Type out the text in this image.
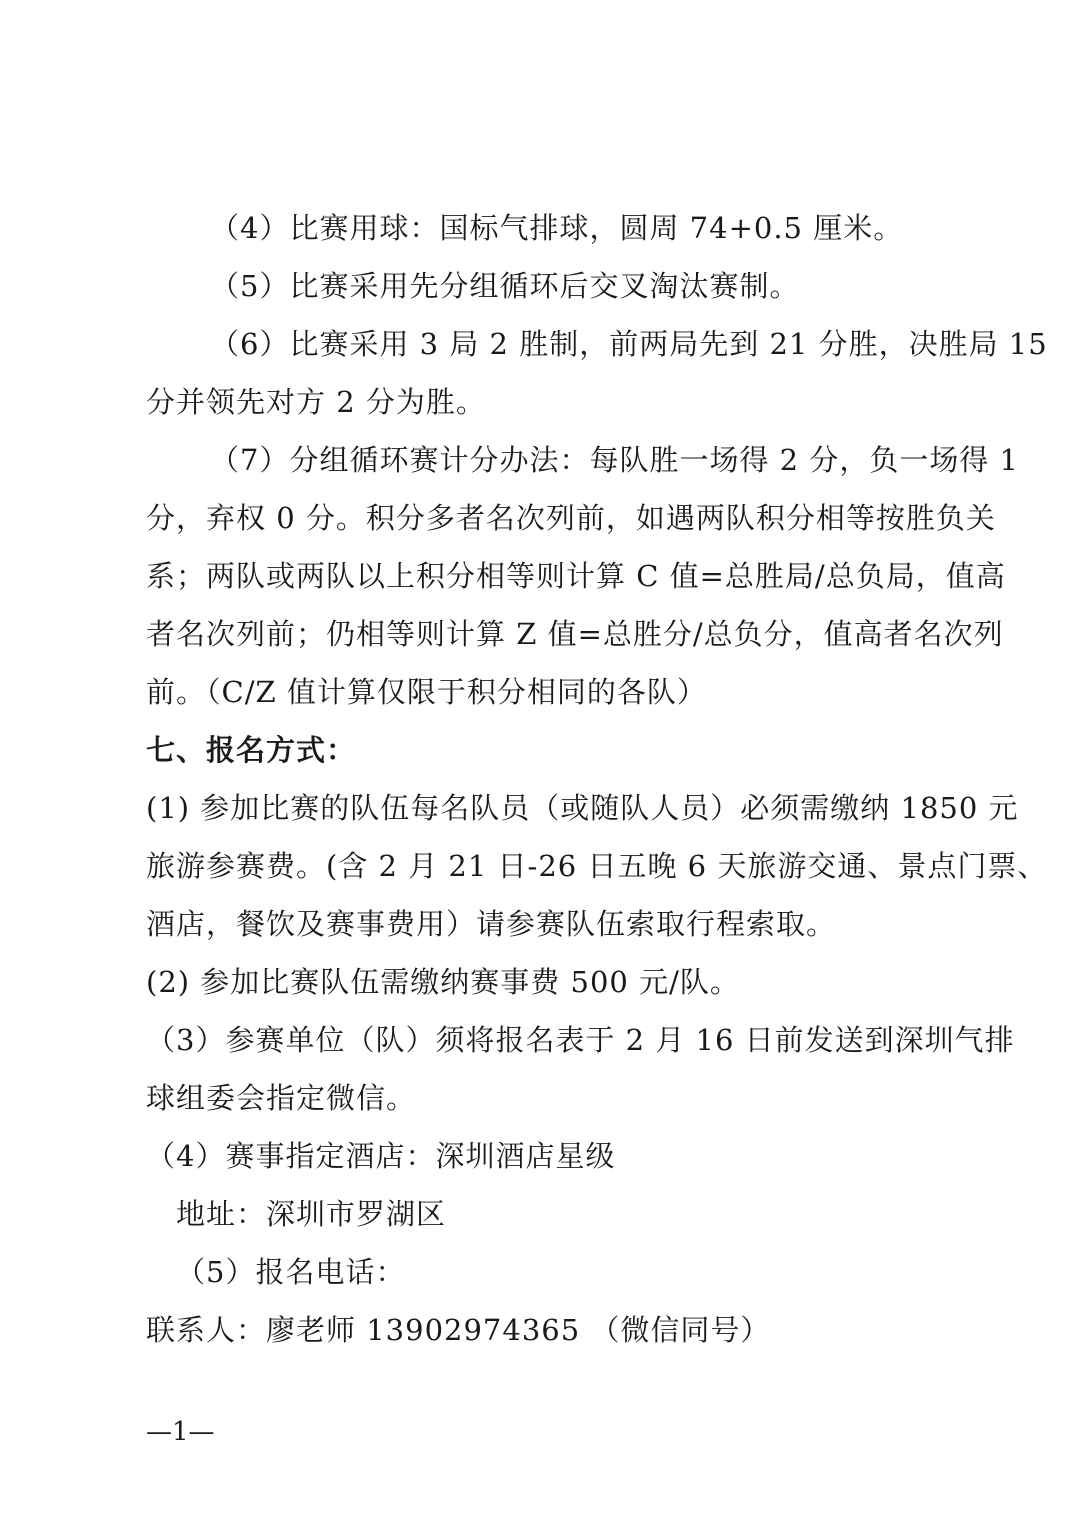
（4）比赛用球：国标气排球，圆周 74+0.5 厘米。
（5）比赛采用先分组循环后交叉淘汰赛制。
（6）比赛采用 3 局 2 胜制，前两局先到 21 分胜，决胜局 15
分并领先对方 2 分为胜。
（7）分组循环赛计分办法：每队胜一场得 2 分，负一场得 1
分，弃权 0 分。积分多者名次列前，如遇两队积分相等按胜负关
系；两队或两队以上积分相等则计算 C 值=总胜局/总负局，值高
者名次列前；仍相等则计算 Z 值=总胜分/总负分，值高者名次列
前。（C/Z 值计算仅限于积分相同的各队）
七、报名方式：
(1) 参加比赛的队伍每名队员（或随队人员）必须需缴纳 1850 元
旅游参赛费。(含 2 月 21 日-26 日五晚 6 天旅游交通、景点门票、
酒店，餐饮及赛事费用）请参赛队伍索取行程索取。
(2) 参加比赛队伍需缴纳赛事费 500 元/队。
（3）参赛单位（队）须将报名表于 2 月 16 日前发送到深圳气排
球组委会指定微信。
（4）赛事指定酒店：深圳酒店星级
地址：深圳市罗湖区
（5）报名电话：
联系人：廖老师 13902974365 （微信同号）
—1—
